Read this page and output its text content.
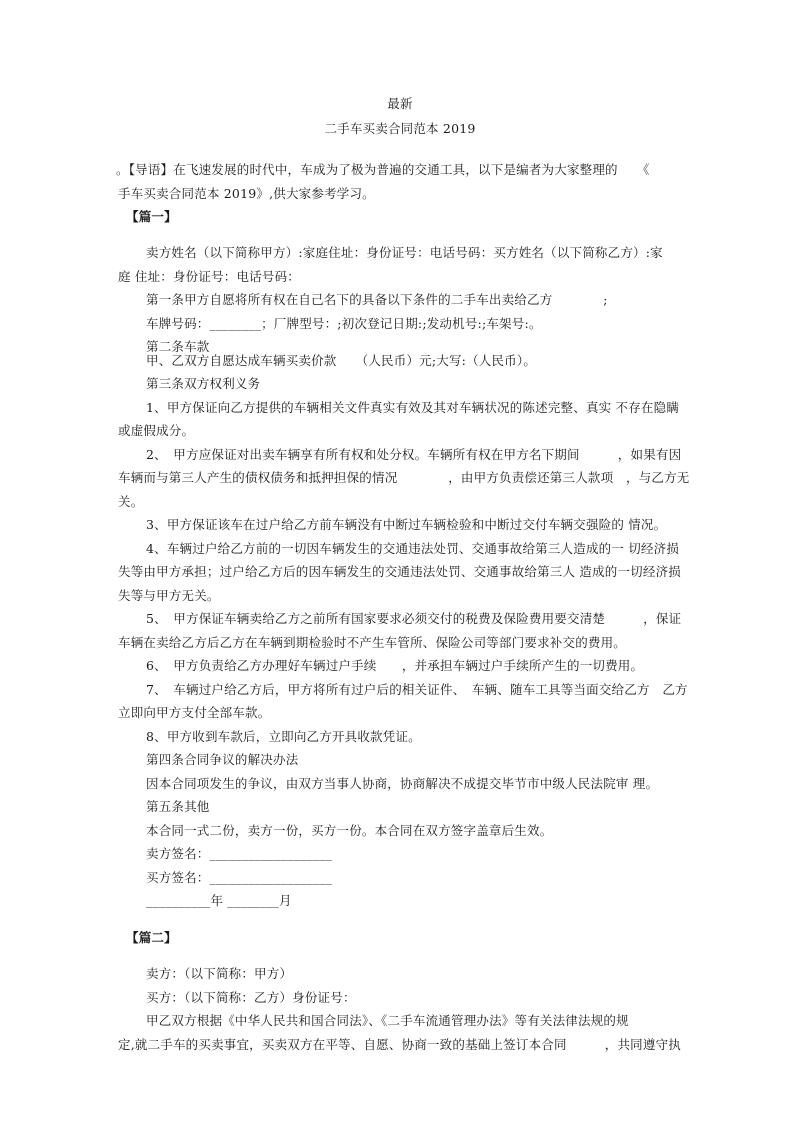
最新
二手车买卖合同范本 2019
。【导语】在飞速发展的时代中，车成为了极为普遍的交通工具，以下是编者为大家整理的　　《
手车买卖合同范本 2019》,供大家参考学习。
【篇一】
卖方姓名（以下简称甲方）:家庭住址：身份证号：电话号码：买方姓名（以下简称乙方）:家
庭 住址：身份证号：电话号码：
第一条甲方自愿将所有权在自己名下的具备以下条件的二手车出卖给乙方　　　　;
车牌号码：________；厂牌型号：;初次登记日期:;发动机号:;车架号:。
第二条车款
甲、乙双方自愿达成车辆买卖价款　　（人民币）元;大写:（人民币）。
第三条双方权利义务
1、甲方保证向乙方提供的车辆相关文件真实有效及其对车辆状况的陈述完整、真实 不存在隐瞒
或虚假成分。
2、　甲方应保证对出卖车辆享有所有权和处分权。车辆所有权在甲方名下期间　　　，如果有因
车辆而与第三人产生的债权债务和抵押担保的情况　　　　，由甲方负责偿还第三人款项　，与乙方无
关。
3、甲方保证该车在过户给乙方前车辆没有中断过车辆检验和中断过交付车辆交强险的 情况。
4、车辆过户给乙方前的一切因车辆发生的交通违法处罚、交通事故给第三人造成的一 切经济损
失等由甲方承担；过户给乙方后的因车辆发生的交通违法处罚、交通事故给第三人 造成的一切经济损
失等与甲方无关。
5、　甲方保证车辆卖给乙方之前所有国家要求必须交付的税费及保险费用要交清楚　　　，保证
车辆在卖给乙方后乙方在车辆到期检验时不产生车管所、保险公司等部门要求补交的费用。
6、　甲方负责给乙方办理好车辆过户手续　　，并承担车辆过户手续所产生的一切费用。
7、　车辆过户给乙方后，甲方将所有过户后的相关证件、　车辆、随车工具等当面交给乙方　乙方
立即向甲方支付全部车款。
8、甲方收到车款后，立即向乙方开具收款凭证。
第四条合同争议的解决办法
因本合同项发生的争议，由双方当事人协商，协商解决不成提交毕节市中级人民法院审 理。
第五条其他
本合同一式二份，卖方一份，买方一份。本合同在双方签字盖章后生效。
卖方签名：___________________
买方签名：___________________
__________年 ________月
【篇二】
卖方：（以下简称：甲方）
买方：（以下简称：乙方）身份证号：
甲乙双方根据《中华人民共和国合同法》、《二手车流通管理办法》等有关法律法规的规
定,就二手车的买卖事宜，买卖双方在平等、自愿、协商一致的基础上签订本合同　　　，共同遵守执
